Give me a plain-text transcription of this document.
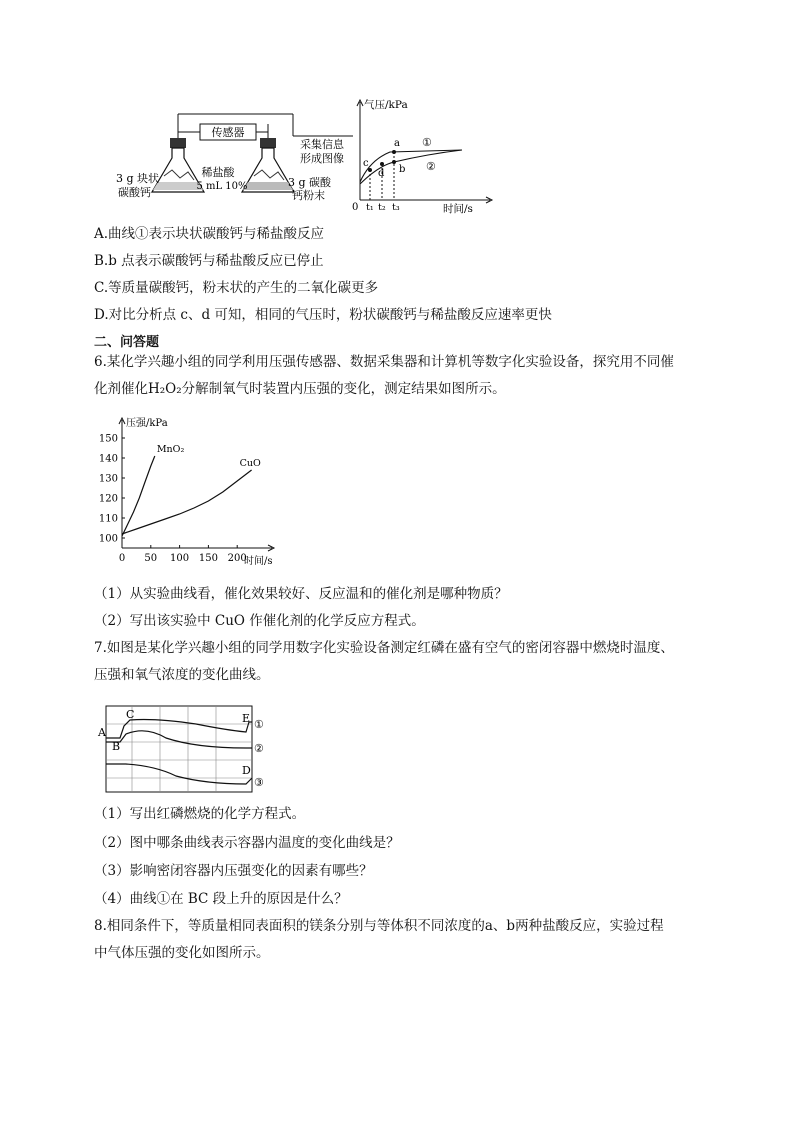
传感器
3 g 块状
碳酸钙
稀盐酸
5 mL 10%	3 g 碳酸
钙粉末
采集信息
形成图像
气压/kPa
时间/s
0 t₁ t₂ t₃
a
b
c
d
①
②
A.曲线①表示块状碳酸钙与稀盐酸反应
B.b 点表示碳酸钙与稀盐酸反应已停止
C.等质量碳酸钙，粉末状的产生的二氧化碳更多
D.对比分析点 c、d 可知，相同的气压时，粉状碳酸钙与稀盐酸反应速率更快
二、问答题
6.某化学兴趣小组的同学利用压强传感器、数据采集器和计算机等数字化实验设备，探究用不同催
化剂催化H₂O₂分解制氧气时装置内压强的变化，测定结果如图所示。
压强/kPa
时间/s
100
110
120
130
140
150
0 50 100 150 200
MnO₂
CuO
（1）从实验曲线看，催化效果较好、反应温和的催化剂是哪种物质？
（2）写出该实验中 CuO 作催化剂的化学反应方程式。
7.如图是某化学兴趣小组的同学用数字化实验设备测定红磷在盛有空气的密闭容器中燃烧时温度、
压强和氧气浓度的变化曲线。
A
B
C
D
E ①
②
③
（1）写出红磷燃烧的化学方程式。
（2）图中哪条曲线表示容器内温度的变化曲线是？
（3）影响密闭容器内压强变化的因素有哪些？
（4）曲线①在 BC 段上升的原因是什么？
8.相同条件下，等质量相同表面积的镁条分别与等体积不同浓度的a、b两种盐酸反应，实验过程
中气体压强的变化如图所示。
